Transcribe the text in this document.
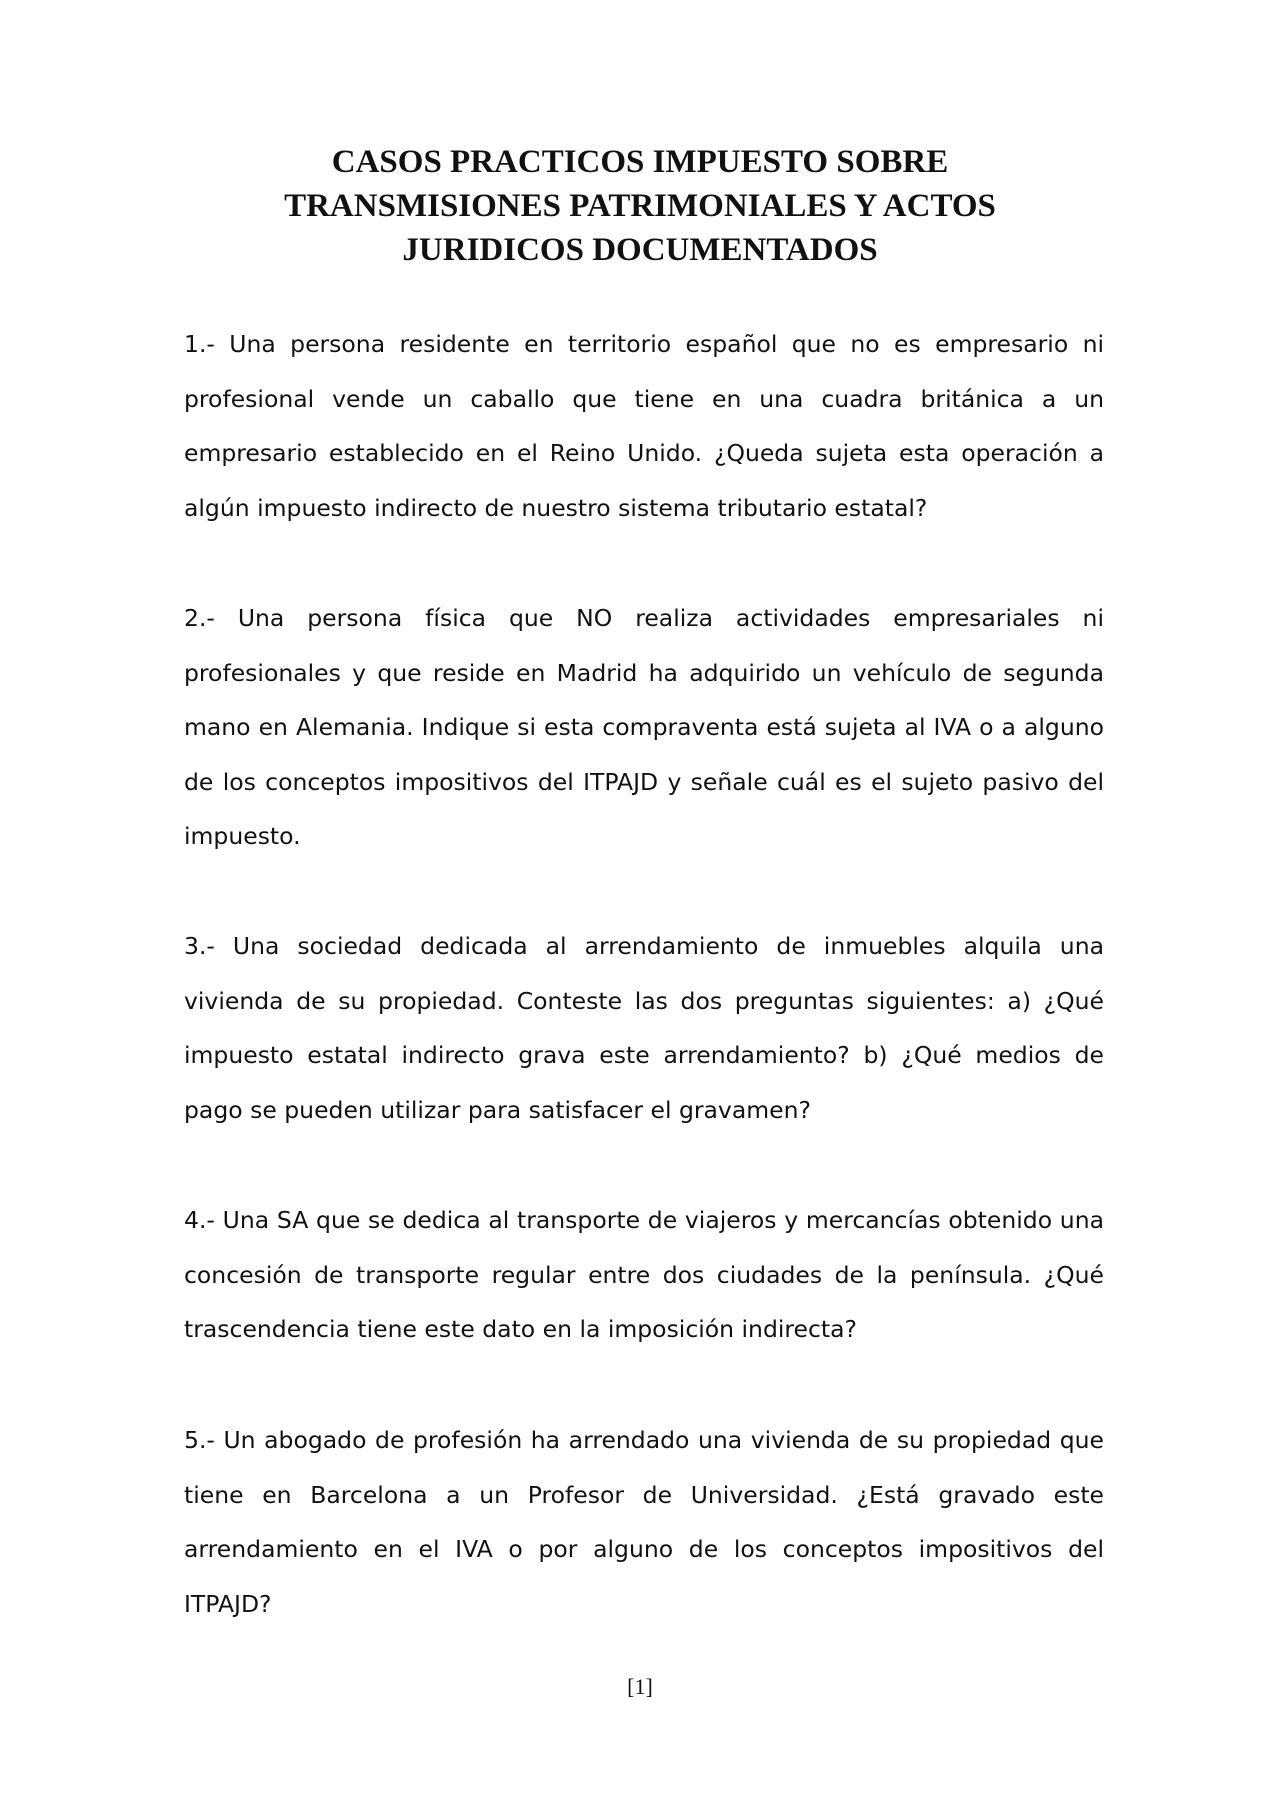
CASOS PRACTICOS IMPUESTO SOBRE
TRANSMISIONES PATRIMONIALES Y ACTOS
JURIDICOS DOCUMENTADOS

1.- Una persona residente en territorio español que no es empresario ni profesional vende un caballo que tiene en una cuadra británica a un empresario establecido en el Reino Unido. ¿Queda sujeta esta operación a algún impuesto indirecto de nuestro sistema tributario estatal?

2.- Una persona física que NO realiza actividades empresariales ni profesionales y que reside en Madrid ha adquirido un vehículo de segunda mano en Alemania. Indique si esta compraventa está sujeta al IVA o a alguno de los conceptos impositivos del ITPAJD y señale cuál es el sujeto pasivo del impuesto.

3.- Una sociedad dedicada al arrendamiento de inmuebles alquila una vivienda de su propiedad. Conteste las dos preguntas siguientes: a) ¿Qué impuesto estatal indirecto grava este arrendamiento? b) ¿Qué medios de pago se pueden utilizar para satisfacer el gravamen?

4.- Una SA que se dedica al transporte de viajeros y mercancías obtenido una concesión de transporte regular entre dos ciudades de la península. ¿Qué trascendencia tiene este dato en la imposición indirecta?

5.- Un abogado de profesión ha arrendado una vivienda de su propiedad que tiene en Barcelona a un Profesor de Universidad. ¿Está gravado este arrendamiento en el IVA o por alguno de los conceptos impositivos del ITPAJD?

[1]
